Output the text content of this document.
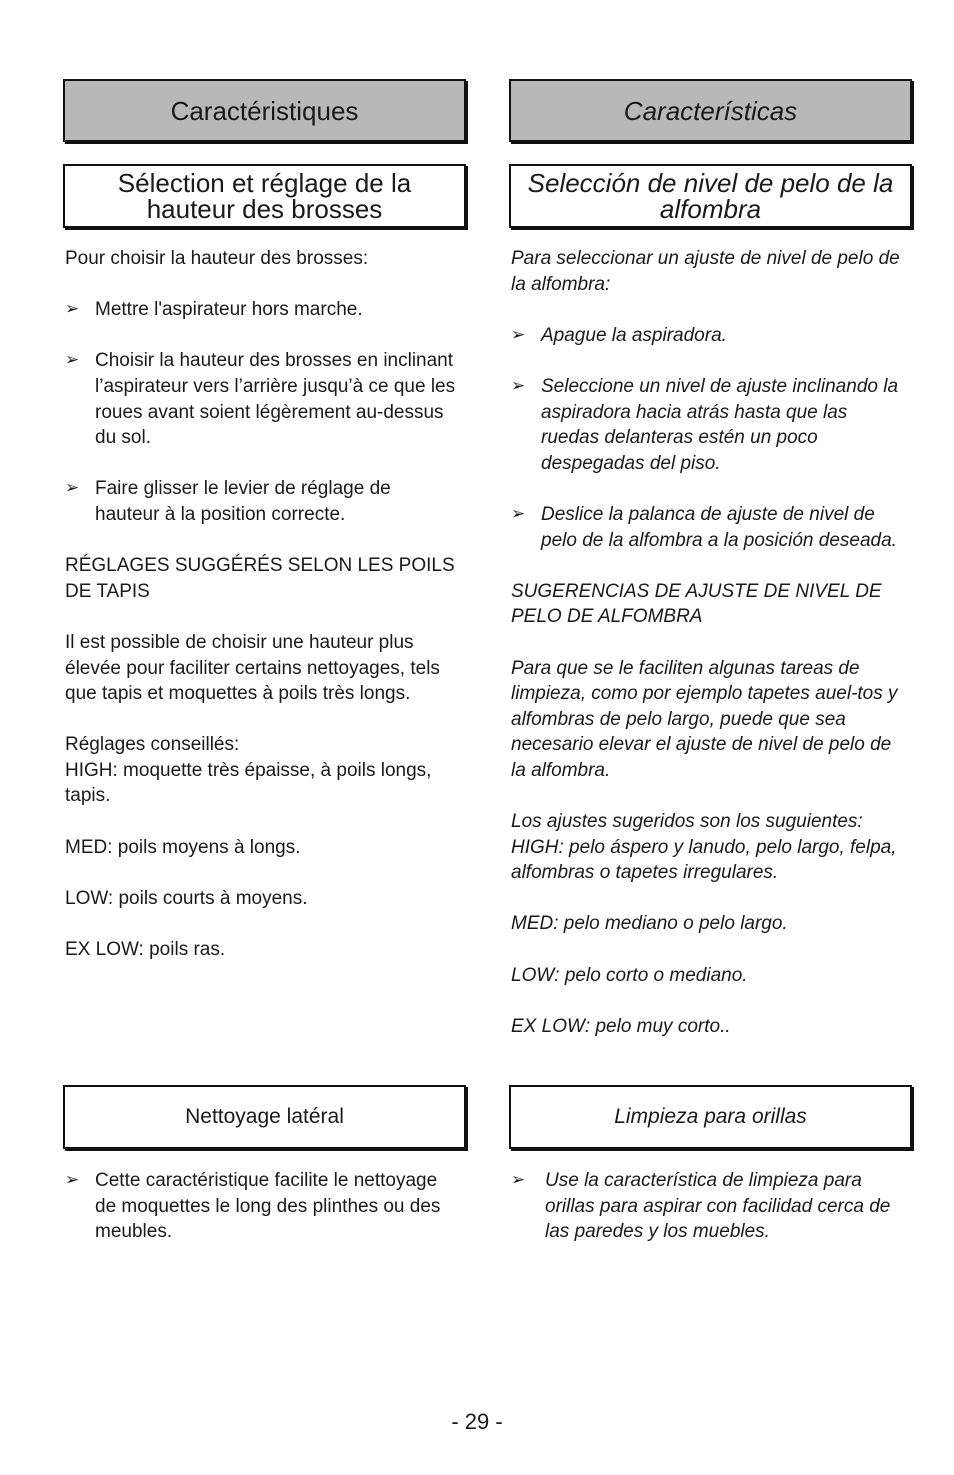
Caractéristiques
Sélection et réglage de la hauteur des brosses

Pour choisir la hauteur des brosses:

➢ Mettre l'aspirateur hors marche.
➢ Choisir la hauteur des brosses en inclinant l’aspirateur vers l’arrière jusqu’à ce que les roues avant soient légèrement au-dessus du sol.
➢ Faire glisser le levier de réglage de hauteur à la position correcte.

RÉGLAGES SUGGÉRÉS SELON LES POILS DE TAPIS

Il est possible de choisir une hauteur plus élevée pour faciliter certains nettoyages, tels que tapis et moquettes à poils très longs.

Réglages conseillés:

HIGH: moquette très épaisse, à poils longs, tapis.

MED: poils moyens à longs.

LOW: poils courts à moyens.

EX LOW: poils ras.

Nettoyage latéral
➢ Cette caractéristique facilite le nettoyage de moquettes le long des plinthes ou des meubles.
Características
Selección de nivel de pelo de la alfombra

Para seleccionar un ajuste de nivel de pelo de la alfombra:

➢ Apague la aspiradora.
➢ Seleccione un nivel de ajuste inclinando la aspiradora hacia atrás hasta que las ruedas delanteras estén un poco despegadas del piso.
➢ Deslice la palanca de ajuste de nivel de pelo de la alfombra a la posición deseada.

SUGERENCIAS DE AJUSTE DE NIVEL DE PELO DE ALFOMBRA

Para que se le faciliten algunas tareas de limpieza, como por ejemplo tapetes auel-tos y alfombras de pelo largo, puede que sea necesario elevar el ajuste de nivel de pelo de la alfombra.

Los ajustes sugeridos son los suguientes:

HIGH: pelo áspero y lanudo, pelo largo, felpa, alfombras o tapetes irregulares.

MED: pelo mediano o pelo largo.

LOW: pelo corto o mediano.

EX LOW: pelo muy corto..

Limpieza para orillas
➢ Use la característica de limpieza para orillas para aspirar con facilidad cerca de las paredes y los muebles.
- 29 -
